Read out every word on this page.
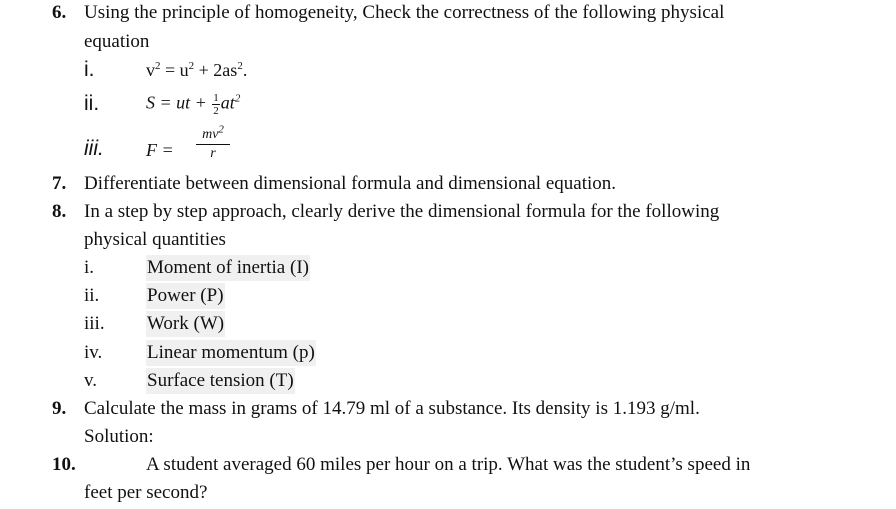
6. Using the principle of homogeneity, Check the correctness of the following physical
equation
i.	$v^2 = u^2 + 2as^2$.
ii.	S = ut + $\frac{1}{2} at^2$
iii. F =
$mv^2$
r
7. Differentiate between dimensional formula and dimensional equation.
8. In a step by step approach, clearly derive the dimensional formula for the following
physical quantities
i.	Moment of inertia (I)
ii.	Power (P)
iii. Work (W)
iv. Linear momentum (p)
v.	Surface tension (T)
9. Calculate the mass in grams of 14.79 ml of a substance. Its density is 1.193 g/ml.
Solution:
10.	A student averaged 60 miles per hour on a trip. What was the student’s speed in
feet per second?
